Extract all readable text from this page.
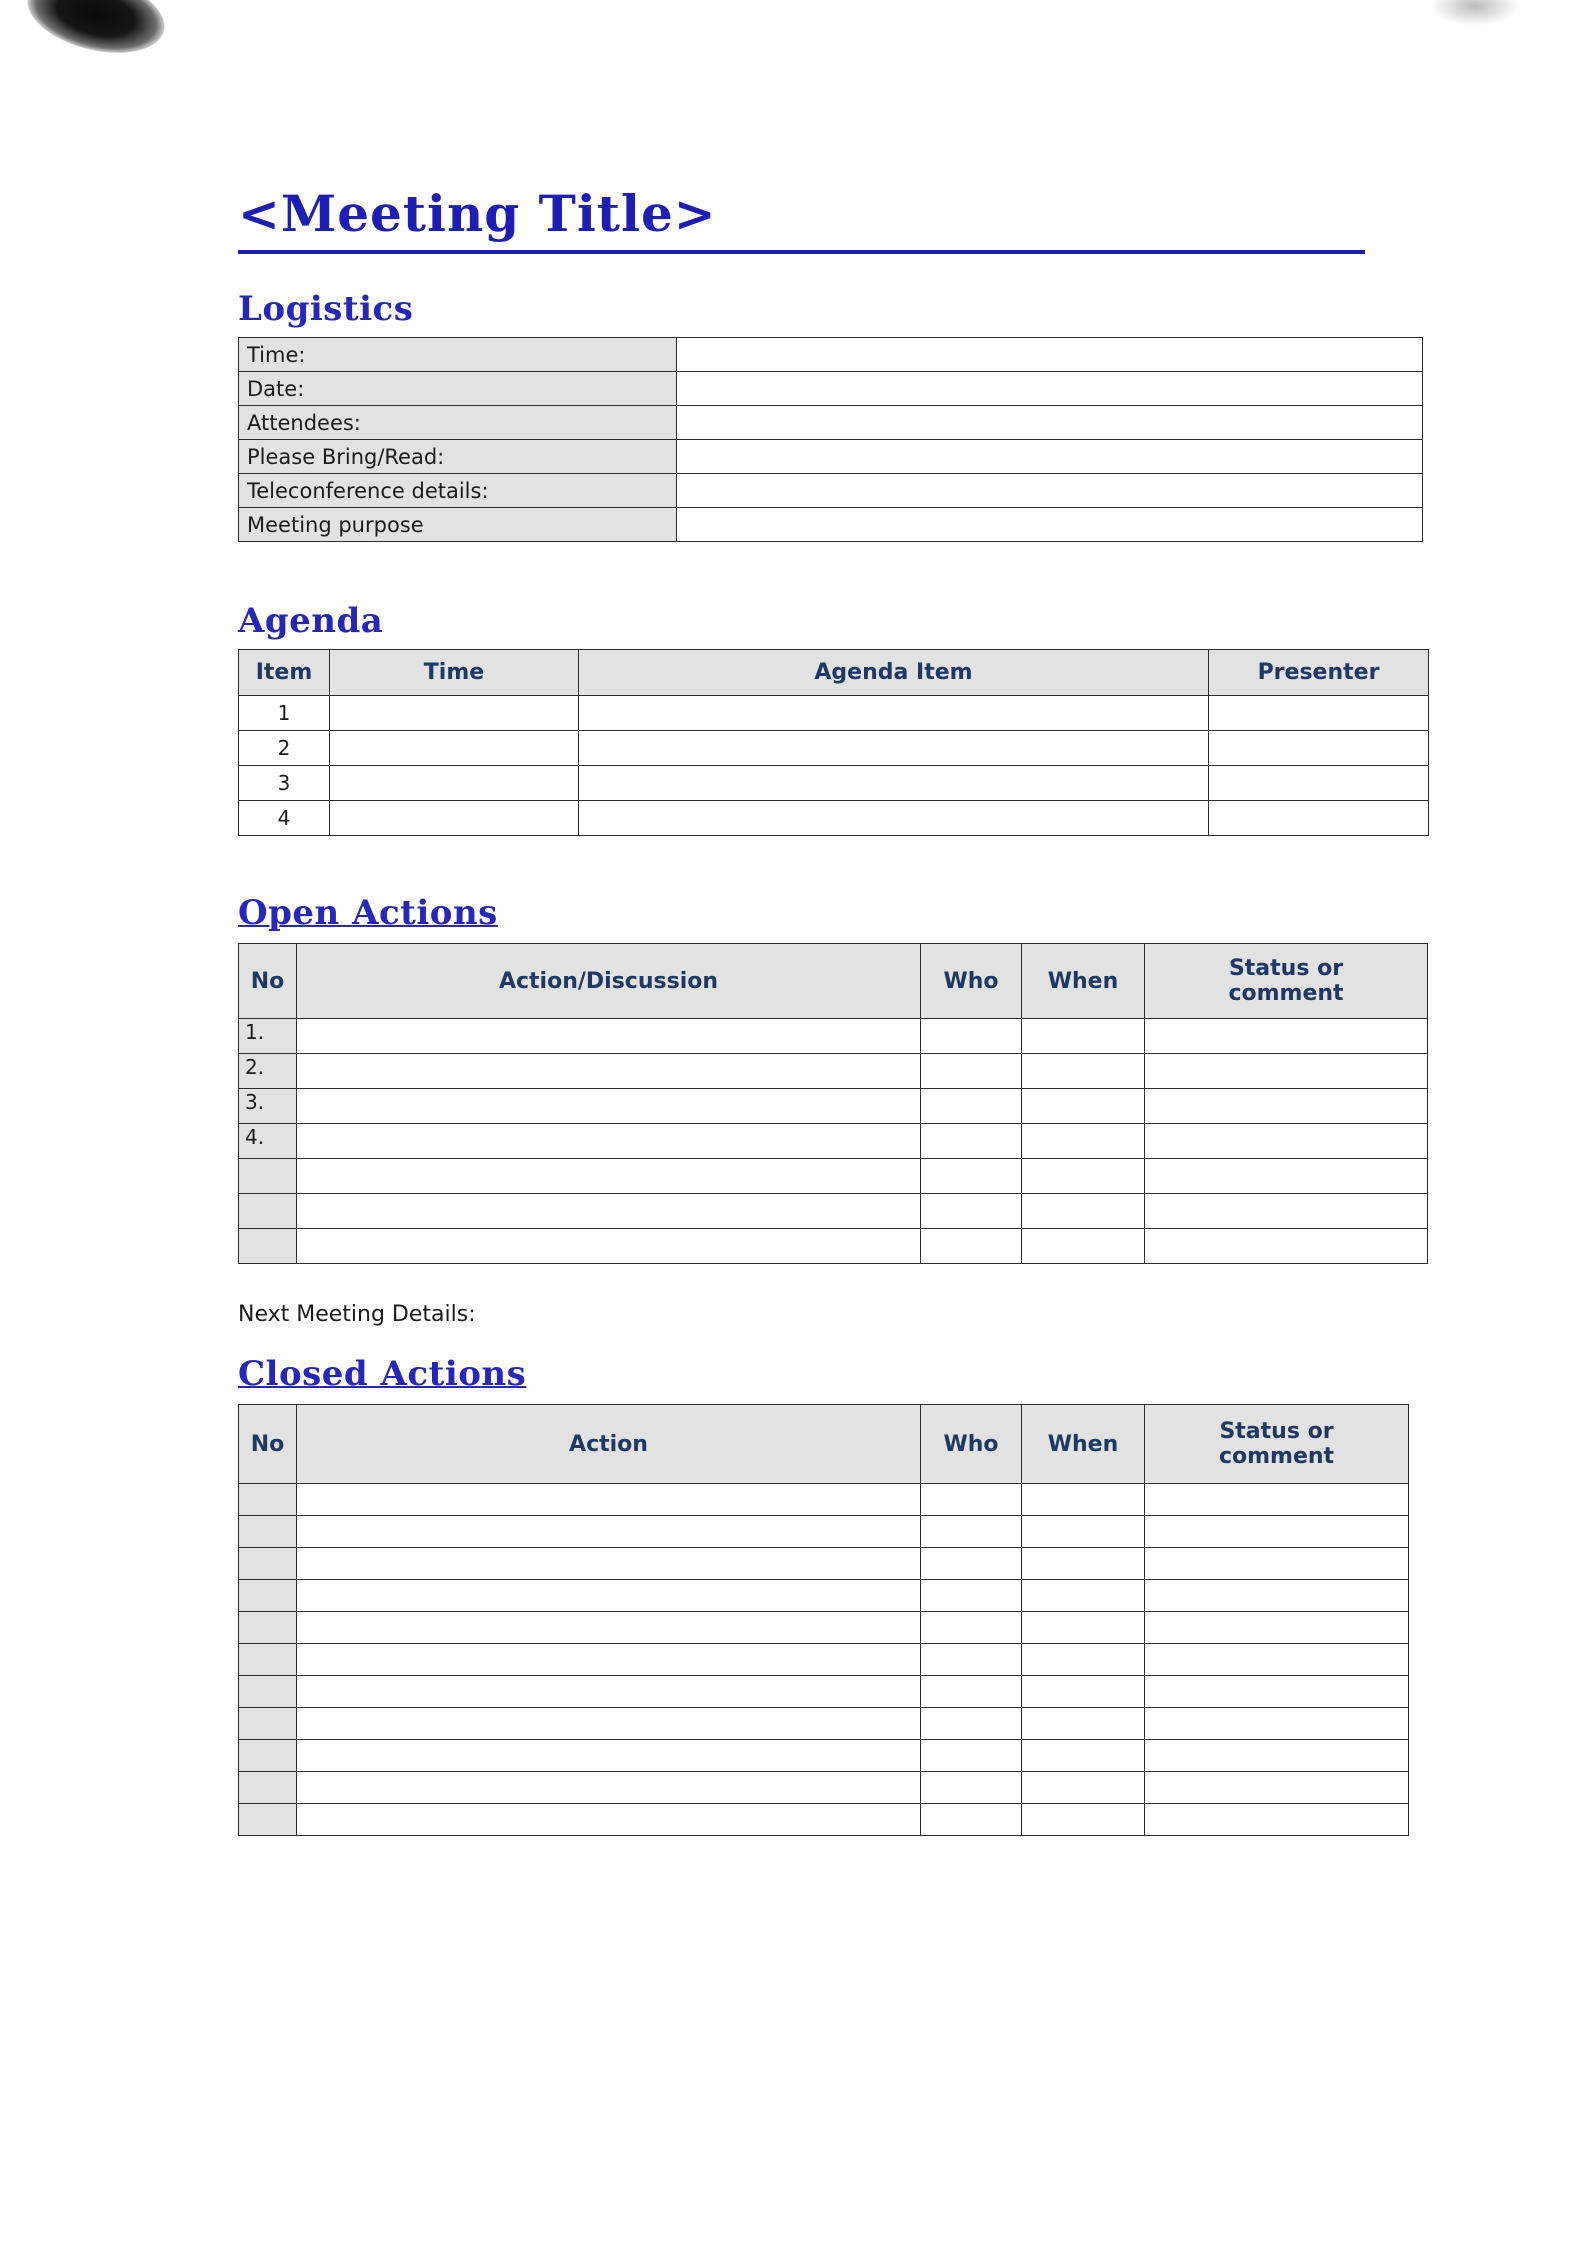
<Meeting Title>
Logistics
Time:	
Date:	
Attendees:	
Please Bring/Read:	
Teleconference details:	
Meeting purpose	
Agenda
Item	Time	Agenda Item	Presenter
1			
2			
3			
4			
Open Actions
No	Action/Discussion	Who	When	Status or comment
1.				
2.				
3.				
4.				

Next Meeting Details:

Closed Actions
No	Action	Who	When	Status or comment
